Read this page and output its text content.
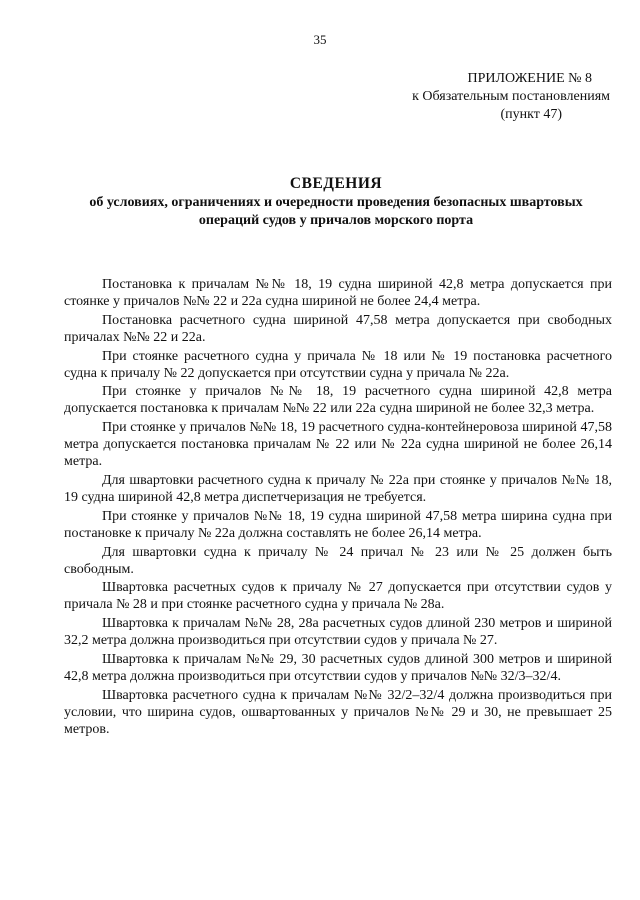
35
ПРИЛОЖЕНИЕ № 8
к Обязательным постановлениям
(пункт 47)
СВЕДЕНИЯ
об условиях, ограничениях и очередности проведения безопасных швартовых операций судов у причалов морского порта

Постановка к причалам №№ 18, 19 судна шириной 42,8 метра допускается при стоянке у причалов №№ 22 и 22а судна шириной не более 24,4 метра.

Постановка расчетного судна шириной 47,58 метра допускается при свободных причалах №№ 22 и 22а.

При стоянке расчетного судна у причала № 18 или № 19 постановка расчетного судна к причалу № 22 допускается при отсутствии судна у причала № 22а.

При стоянке у причалов №№ 18, 19 расчетного судна шириной 42,8 метра допускается постановка к причалам №№ 22 или 22а судна шириной не более 32,3 метра.

При стоянке у причалов №№ 18, 19 расчетного судна-контейнеровоза шириной 47,58 метра допускается постановка причалам № 22 или № 22а судна шириной не более 26,14 метра.

Для швартовки расчетного судна к причалу № 22а при стоянке у причалов №№ 18, 19 судна шириной 42,8 метра диспетчеризация не требуется.

При стоянке у причалов №№ 18, 19 судна шириной 47,58 метра ширина судна при постановке к причалу № 22а должна составлять не более 26,14 метра.

Для швартовки судна к причалу № 24 причал № 23 или № 25 должен быть свободным.

Швартовка расчетных судов к причалу № 27 допускается при отсутствии судов у причала № 28 и при стоянке расчетного судна у причала № 28а.

Швартовка к причалам №№ 28, 28а расчетных судов длиной 230 метров и шириной 32,2 метра должна производиться при отсутствии судов у причала № 27.

Швартовка к причалам №№ 29, 30 расчетных судов длиной 300 метров и шириной 42,8 метра должна производиться при отсутствии судов у причалов №№ 32/3–32/4.

Швартовка расчетного судна к причалам №№ 32/2–32/4 должна производиться при условии, что ширина судов, ошвартованных у причалов №№ 29 и 30, не превышает 25 метров.
